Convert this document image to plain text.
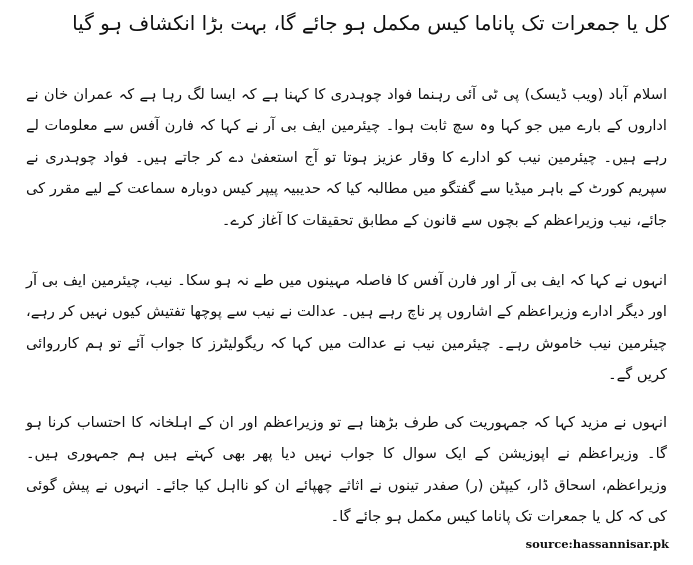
کل یا جمعرات تک پاناما کیس مکمل ہو جائے گا، بہت بڑا انکشاف ہو گیا

اسلام آباد (ویب ڈیسک) پی ٹی آئی رہنما فواد چوہدری کا کہنا ہے کہ ایسا لگ رہا ہے کہ عمران خان نے اداروں کے بارے میں جو کہا وہ سچ ثابت ہوا۔ چیئرمین ایف بی آر نے کہا کہ فارن آفس سے معلومات لے رہے ہیں۔ چیئرمین نیب کو ادارے کا وقار عزیز ہوتا تو آج استعفیٰ دے کر جاتے ہیں۔ فواد چوہدری نے سپریم کورٹ کے باہر میڈیا سے گفتگو میں مطالبہ کیا کہ حدیبیہ پیپر کیس دوبارہ سماعت کے لیے مقرر کی جائے، نیب وزیراعظم کے بچوں سے قانون کے مطابق تحقیقات کا آغاز کرے۔

انہوں نے کہا کہ ایف بی آر اور فارن آفس کا فاصلہ مہینوں میں طے نہ ہو سکا۔ نیب، چیئرمین ایف بی آر اور دیگر ادارے وزیراعظم کے اشاروں پر ناچ رہے ہیں۔ عدالت نے نیب سے پوچھا تفتیش کیوں نہیں کر رہے، چیئرمین نیب خاموش رہے۔ چیئرمین نیب نے عدالت میں کہا کہ ریگولیٹرز کا جواب آئے تو ہم کارروائی کریں گے۔

انہوں نے مزید کہا کہ جمہوریت کی طرف بڑھنا ہے تو وزیراعظم اور ان کے اہلخانہ کا احتساب کرنا ہو گا۔ وزیراعظم نے اپوزیشن کے ایک سوال کا جواب نہیں دیا پھر بھی کہتے ہیں ہم جمہوری ہیں۔ وزیراعظم، اسحاق ڈار، کیپٹن (ر) صفدر تینوں نے اثاثے چھپائے ان کو نااہل کیا جائے۔ انہوں نے پیش گوئی کی کہ کل یا جمعرات تک پاناما کیس مکمل ہو جائے گا۔

source:hassannisar.pk
